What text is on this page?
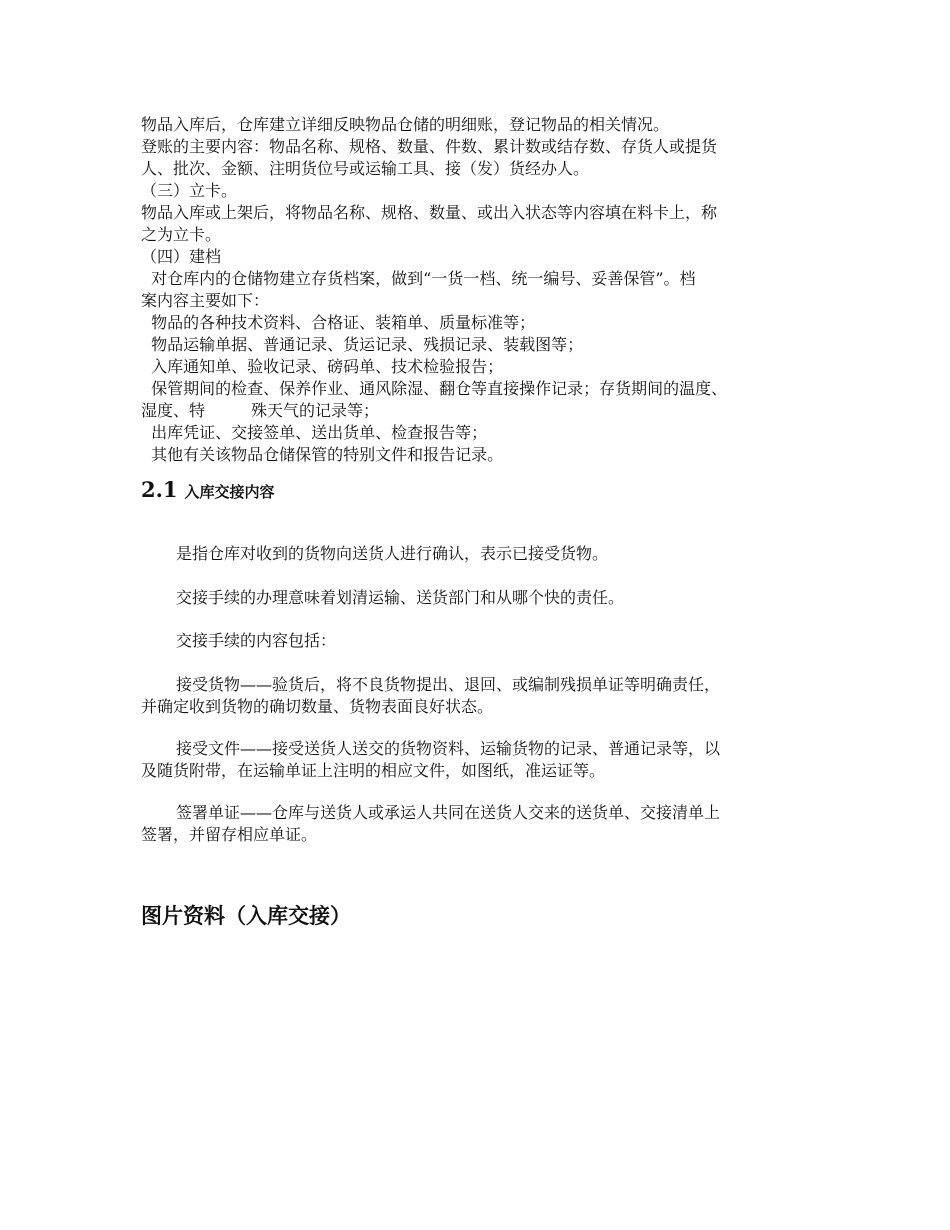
物品入库后，仓库建立详细反映物品仓储的明细账，登记物品的相关情况。
登账的主要内容：物品名称、规格、数量、件数、累计数或结存数、存货人或提货
人、批次、金额、注明货位号或运输工具、接（发）货经办人。
（三）立卡。
物品入库或上架后，将物品名称、规格、数量、或出入状态等内容填在料卡上，称
之为立卡。
（四）建档
对仓库内的仓储物建立存货档案，做到“一货一档、统一编号、妥善保管”。档
案内容主要如下：
物品的各种技术资料、合格证、装箱单、质量标准等；
物品运输单据、普通记录、货运记录、残损记录、装载图等；
入库通知单、验收记录、磅码单、技术检验报告；
保管期间的检查、保养作业、通风除湿、翻仓等直接操作记录；存货期间的温度、
湿度、特	殊天气的记录等；
出库凭证、交接签单、送出货单、检查报告等；
其他有关该物品仓储保管的特别文件和报告记录。
2.1 入库交接内容
是指仓库对收到的货物向送货人进行确认，表示已接受货物。
交接手续的办理意味着划清运输、送货部门和从哪个快的责任。
交接手续的内容包括：
接受货物——验货后，将不良货物提出、退回、或编制残损单证等明确责任，
并确定收到货物的确切数量、货物表面良好状态。
接受文件——接受送货人送交的货物资料、运输货物的记录、普通记录等，以
及随货附带，在运输单证上注明的相应文件，如图纸，准运证等。
签署单证——仓库与送货人或承运人共同在送货人交来的送货单、交接清单上
签署，并留存相应单证。
图片资料（入库交接）
